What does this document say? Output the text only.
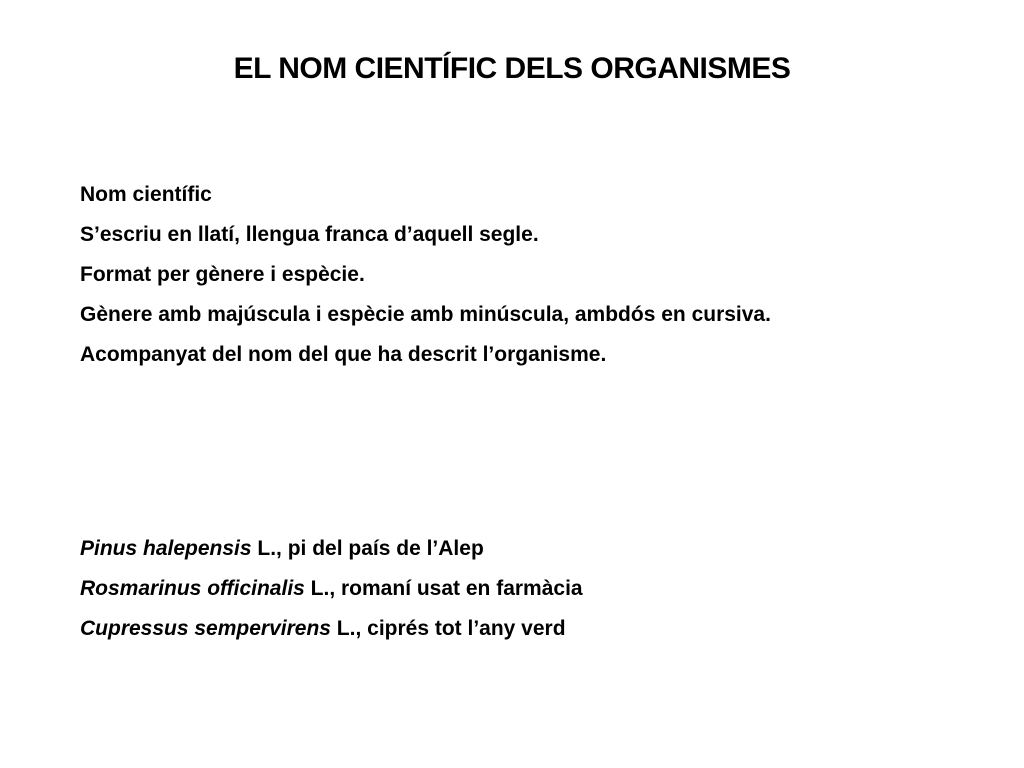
EL NOM CIENTÍFIC DELS ORGANISMES
Nom científic
S’escriu en llatí, llengua franca d’aquell segle.
Format per gènere i espècie.
Gènere amb majúscula i espècie amb minúscula, ambdós en cursiva.
Acompanyat del nom del que ha descrit l’organisme.
Pinus halepensis L., pi del país de l’Alep
Rosmarinus officinalis L., romaní usat en farmàcia
Cupressus sempervirens L., ciprés tot l’any verd
